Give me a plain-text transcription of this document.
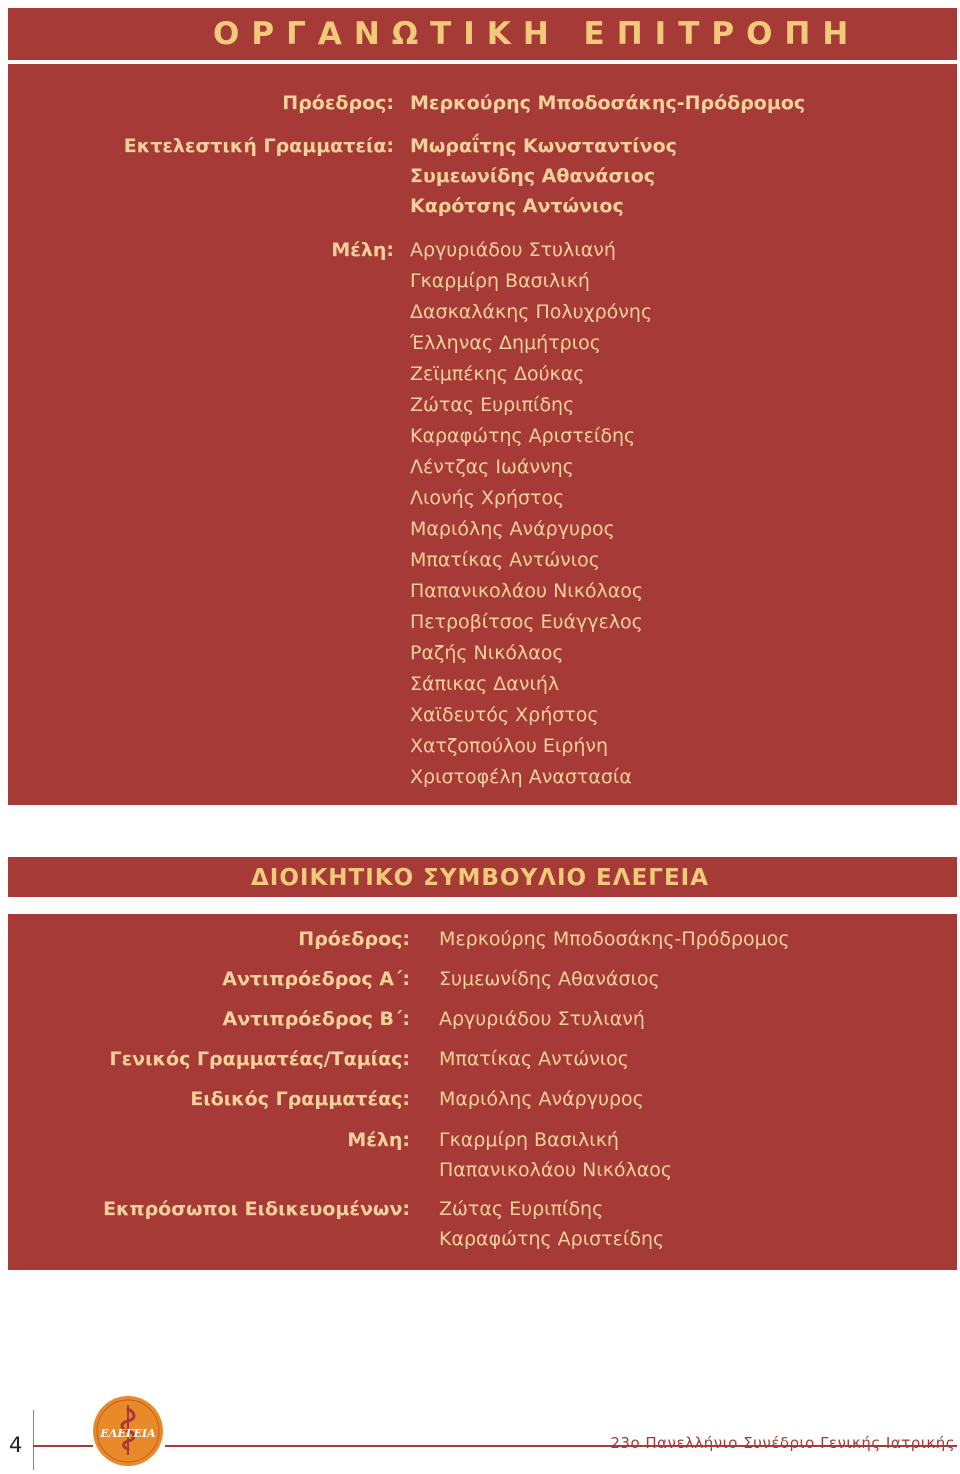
ΟΡΓΑΝΩΤΙΚΗ ΕΠΙΤΡΟΠΗ
Πρόεδρος: Μερκούρης Μποδοσάκης-Πρόδρομος
Εκτελεστική Γραμματεία: Μωραΐτης Κωνσταντίνος
Συμεωνίδης Αθανάσιος
Καρότσης Αντώνιος
Μέλη: Αργυριάδου Στυλιανή
Γκαρμίρη Βασιλική
Δασκαλάκης Πολυχρόνης
Έλληνας Δημήτριος
Ζεϊμπέκης Δούκας
Ζώτας Ευριπίδης
Καραφώτης Αριστείδης
Λέντζας Ιωάννης
Λιονής Χρήστος
Μαριόλης Ανάργυρος
Μπατίκας Αντώνιος
Παπανικολάου Νικόλαος
Πετροβίτσος Ευάγγελος
Ραζής Νικόλαος
Σάπικας Δανιήλ
Χαϊδευτός Χρήστος
Χατζοπούλου Ειρήνη
Χριστοφέλη Αναστασία
ΔΙΟΙΚΗΤΙΚΟ ΣΥΜΒΟΥΛΙΟ ΕΛΕΓΕΙΑ
Πρόεδρος: Μερκούρης Μποδοσάκης-Πρόδρομος
Αντιπρόεδρος Α΄: Συμεωνίδης Αθανάσιος
Αντιπρόεδρος Β΄: Αργυριάδου Στυλιανή
Γενικός Γραμματέας/Ταμίας: Μπατίκας Αντώνιος
Ειδικός Γραμματέας: Μαριόλης Ανάργυρος
Μέλη: Γκαρμίρη Βασιλική
Παπανικολάου Νικόλαος
Εκπρόσωποι Ειδικευομένων: Ζώτας Ευριπίδης
Καραφώτης Αριστείδης
4	ΕΛΕΓΕΙΑ
23ο Πανελλήνιο Συνέδριο Γενικής Ιατρικής
